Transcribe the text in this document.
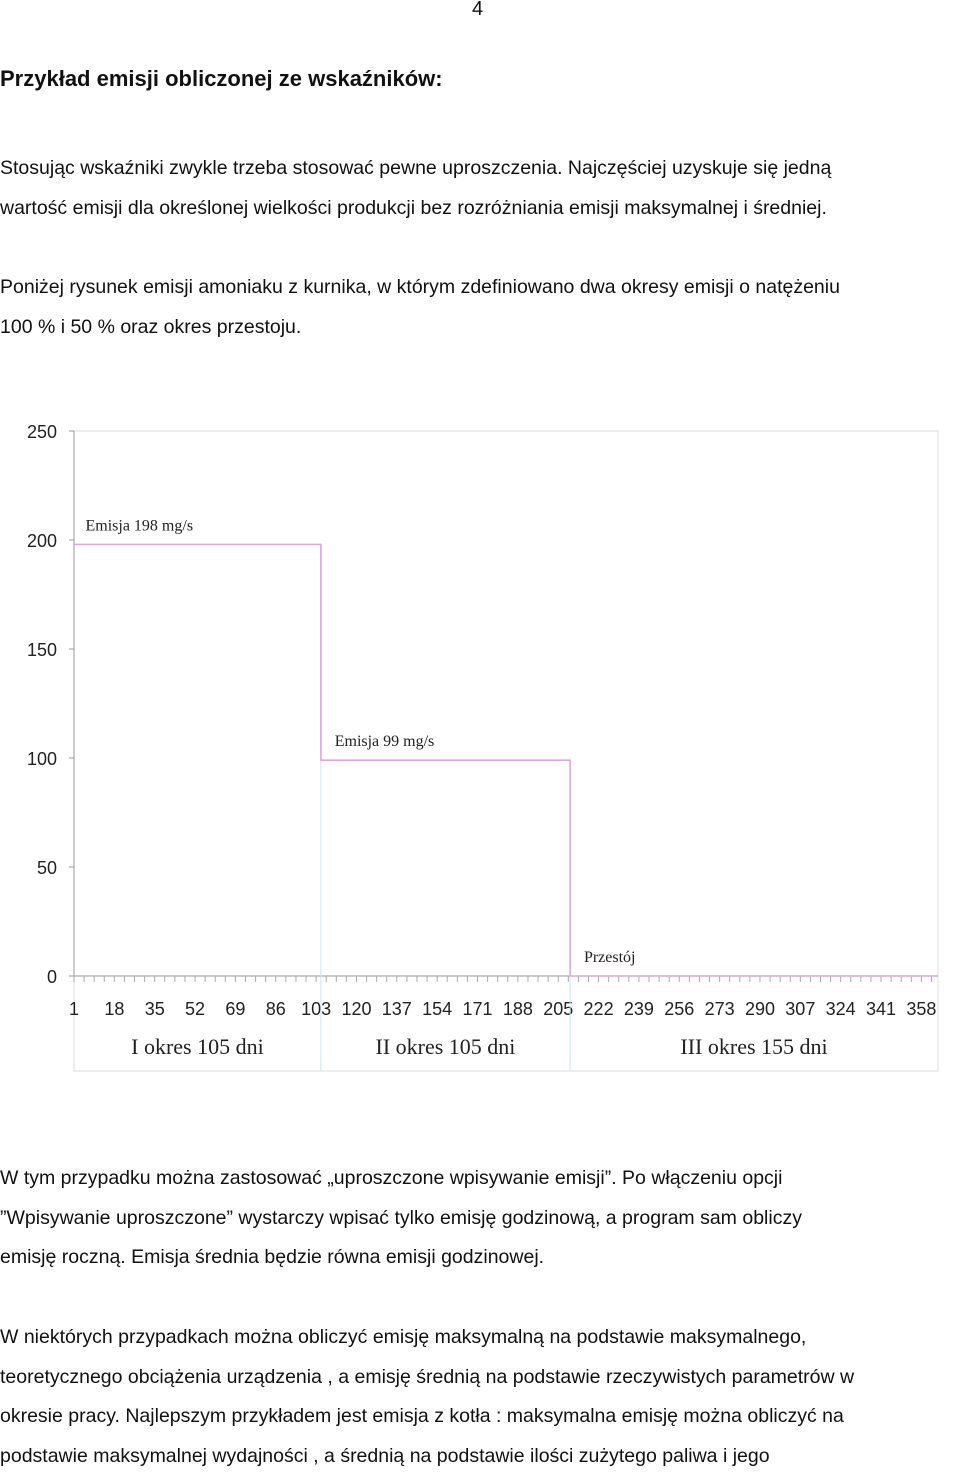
4
Przykład emisji obliczonej ze wskaźników:
Stosując wskaźniki zwykle trzeba stosować pewne uproszczenia. Najczęściej uzyskuje się jedną
wartość emisji dla określonej wielkości produkcji bez rozróżniania emisji maksymalnej i średniej.
Poniżej rysunek emisji amoniaku z kurnika, w którym zdefiniowano dwa okresy emisji o natężeniu
100 % i 50 % oraz okres przestoju.
0
50
100
150
200
250
1 18 35 52 69 86 103 120 137 154 171 188 205 222 239 256 273 290 307 324 341 358
I okres 105 dni	II okres 105 dni	III okres 155 dni
Emisja 198 mg/s
Emisja 99 mg/s
Przestój
W tym przypadku można zastosować „uproszczone wpisywanie emisji”. Po włączeniu opcji
”Wpisywanie uproszczone” wystarczy wpisać tylko emisję godzinową, a program sam obliczy
emisję roczną. Emisja średnia będzie równa emisji godzinowej.
W niektórych przypadkach można obliczyć emisję maksymalną na podstawie maksymalnego,
teoretycznego obciążenia urządzenia , a emisję średnią na podstawie rzeczywistych parametrów w
okresie pracy. Najlepszym przykładem jest emisja z kotła : maksymalna emisję można obliczyć na
podstawie maksymalnej wydajności , a średnią na podstawie ilości zużytego paliwa i jego
